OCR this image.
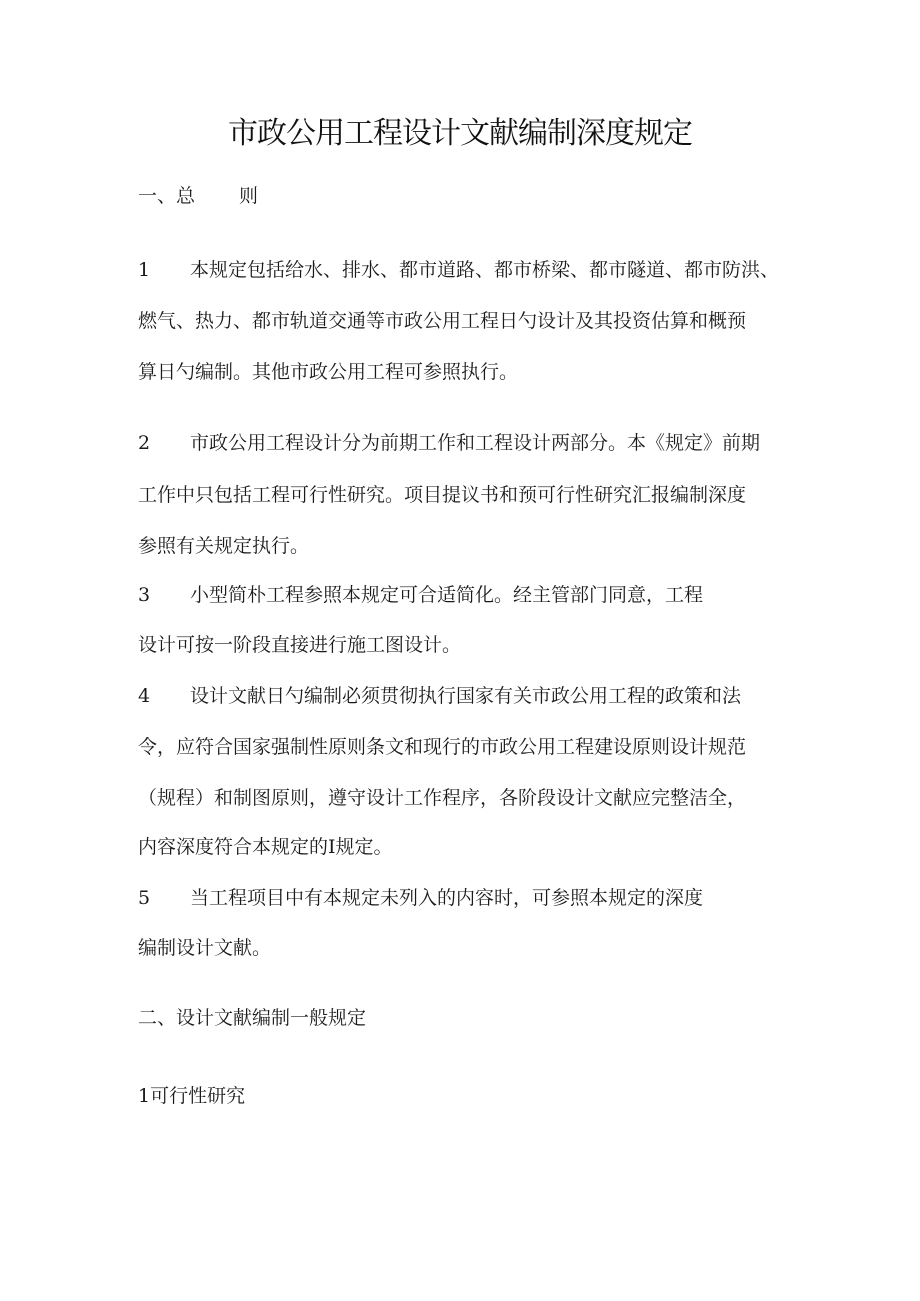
市政公用工程设计文献编制深度规定
一、总 则
1 本规定包括给水、排水、都市道路、都市桥梁、都市隧道、都市防洪、
燃气、热力、都市轨道交通等市政公用工程日勺设计及其投资估算和概预
算日勺编制。其他市政公用工程可参照执行。
2 市政公用工程设计分为前期工作和工程设计两部分。本《规定》前期
工作中只包括工程可行性研究。项目提议书和预可行性研究汇报编制深度
参照有关规定执行。
3 小型简朴工程参照本规定可合适简化。经主管部门同意，工程
设计可按一阶段直接进行施工图设计。
4 设计文献日勺编制必须贯彻执行国家有关市政公用工程的政策和法
令，应符合国家强制性原则条文和现行的市政公用工程建设原则设计规范
（规程）和制图原则，遵守设计工作程序，各阶段设计文献应完整洁全，
内容深度符合本规定的I规定。
5 当工程项目中有本规定未列入的内容时，可参照本规定的深度
编制设计文献。
二、设计文献编制一般规定
1可行性研究
